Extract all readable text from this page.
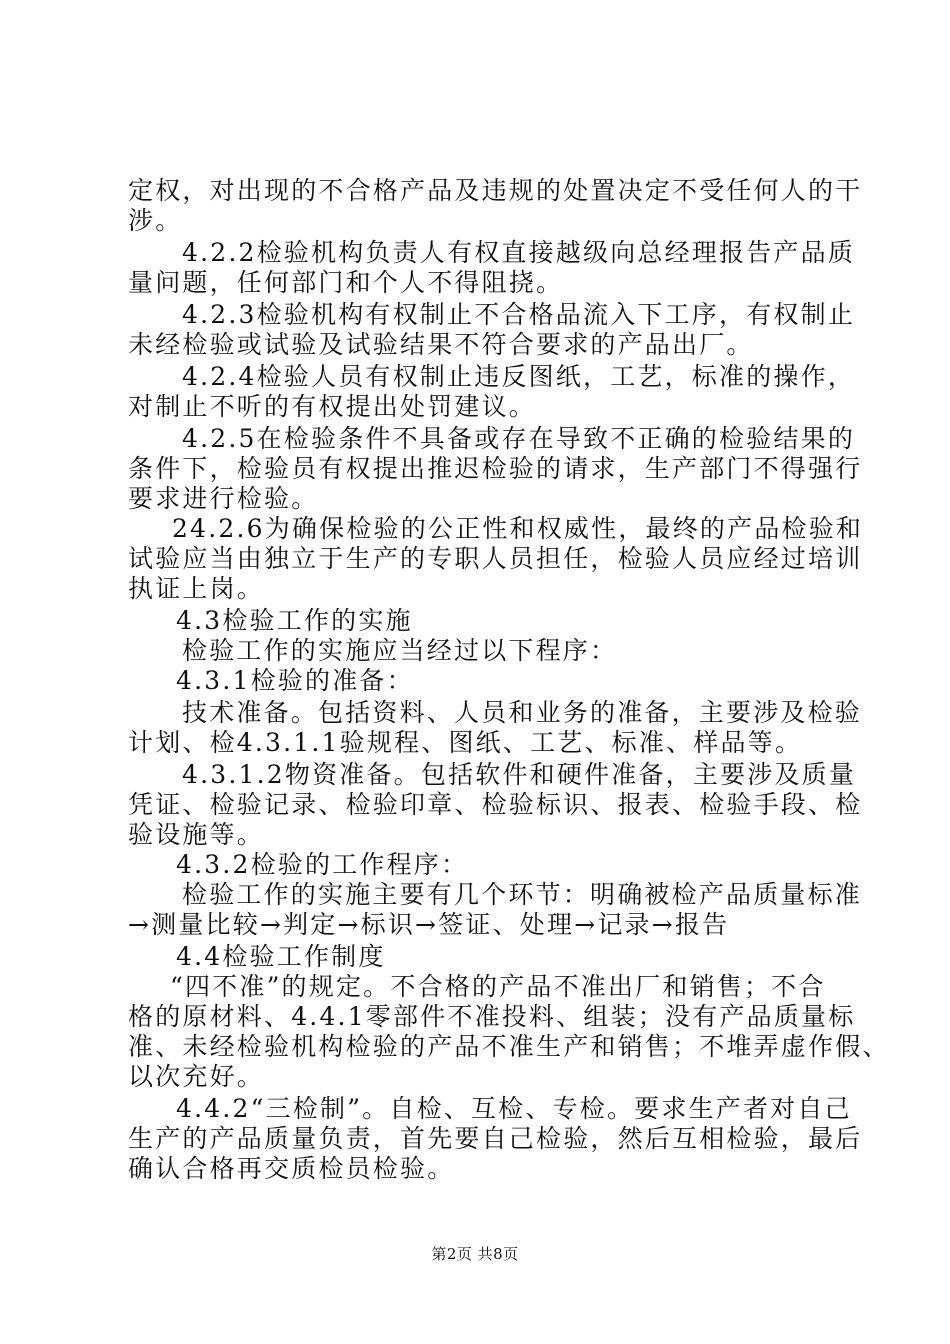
定权，对出现的不合格产品及违规的处置决定不受任何人的干
涉。
4.2.2检验机构负责人有权直接越级向总经理报告产品质
量问题，任何部门和个人不得阻挠。
4.2.3检验机构有权制止不合格品流入下工序，有权制止
未经检验或试验及试验结果不符合要求的产品出厂。
4.2.4检验人员有权制止违反图纸，工艺，标准的操作，
对制止不听的有权提出处罚建议。
4.2.5在检验条件不具备或存在导致不正确的检验结果的
条件下，检验员有权提出推迟检验的请求，生产部门不得强行
要求进行检验。
24.2.6为确保检验的公正性和权威性，最终的产品检验和
试验应当由独立于生产的专职人员担任，检验人员应经过培训
执证上岗。
4.3检验工作的实施
检验工作的实施应当经过以下程序：
4.3.1检验的准备：
技术准备。包括资料、人员和业务的准备，主要涉及检验
计划、检4.3.1.1验规程、图纸、工艺、标准、样品等。
4.3.1.2物资准备。包括软件和硬件准备，主要涉及质量
凭证、检验记录、检验印章、检验标识、报表、检验手段、检
验设施等。
4.3.2检验的工作程序：
检验工作的实施主要有几个环节：明确被检产品质量标准
→测量比较→判定→标识→签证、处理→记录→报告
4.4检验工作制度
“四不准”的规定。不合格的产品不准出厂和销售；不合
格的原材料、4.4.1零部件不准投料、组装；没有产品质量标
准、未经检验机构检验的产品不准生产和销售；不堆弄虚作假、
以次充好。
4.4.2“三检制”。自检、互检、专检。要求生产者对自己
生产的产品质量负责，首先要自己检验，然后互相检验，最后
确认合格再交质检员检验。
第2页 共8页
